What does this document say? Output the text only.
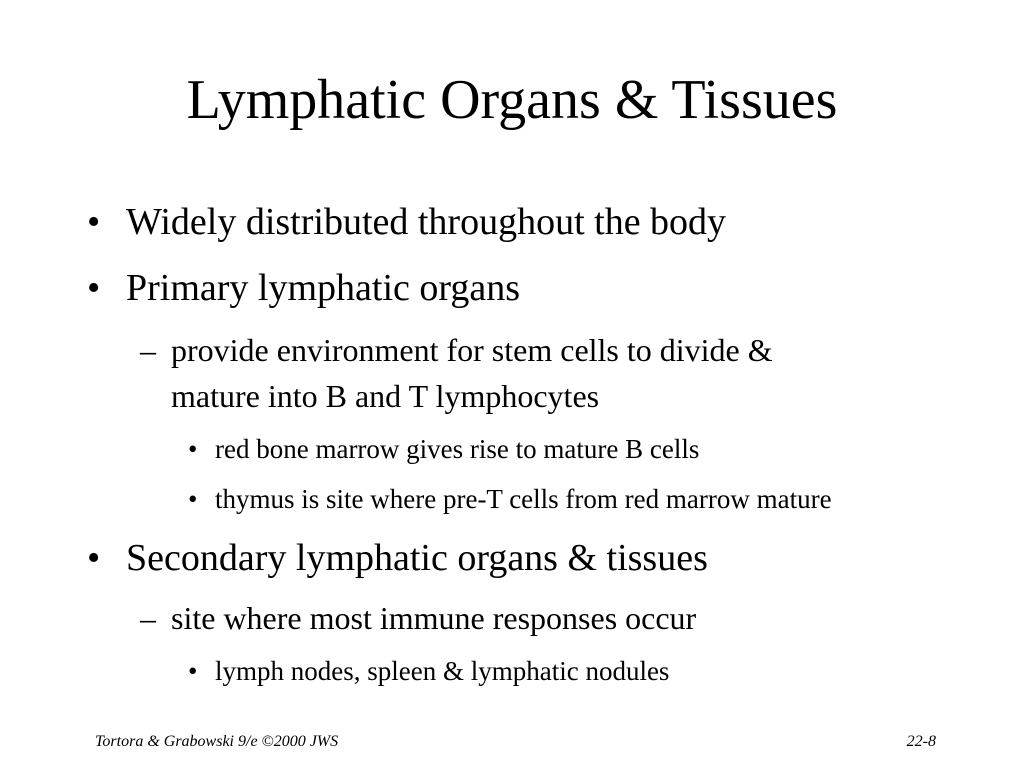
Lymphatic Organs & Tissues
• Widely distributed throughout the body
• Primary lymphatic organs
– provide environment for stem cells to divide &
mature into B and T lymphocytes
• red bone marrow gives rise to mature B cells
• thymus is site where pre-T cells from red marrow mature
• Secondary lymphatic organs & tissues
– site where most immune responses occur
• lymph nodes, spleen & lymphatic nodules
Tortora & Grabowski 9/e ©2000 JWS	22-8
